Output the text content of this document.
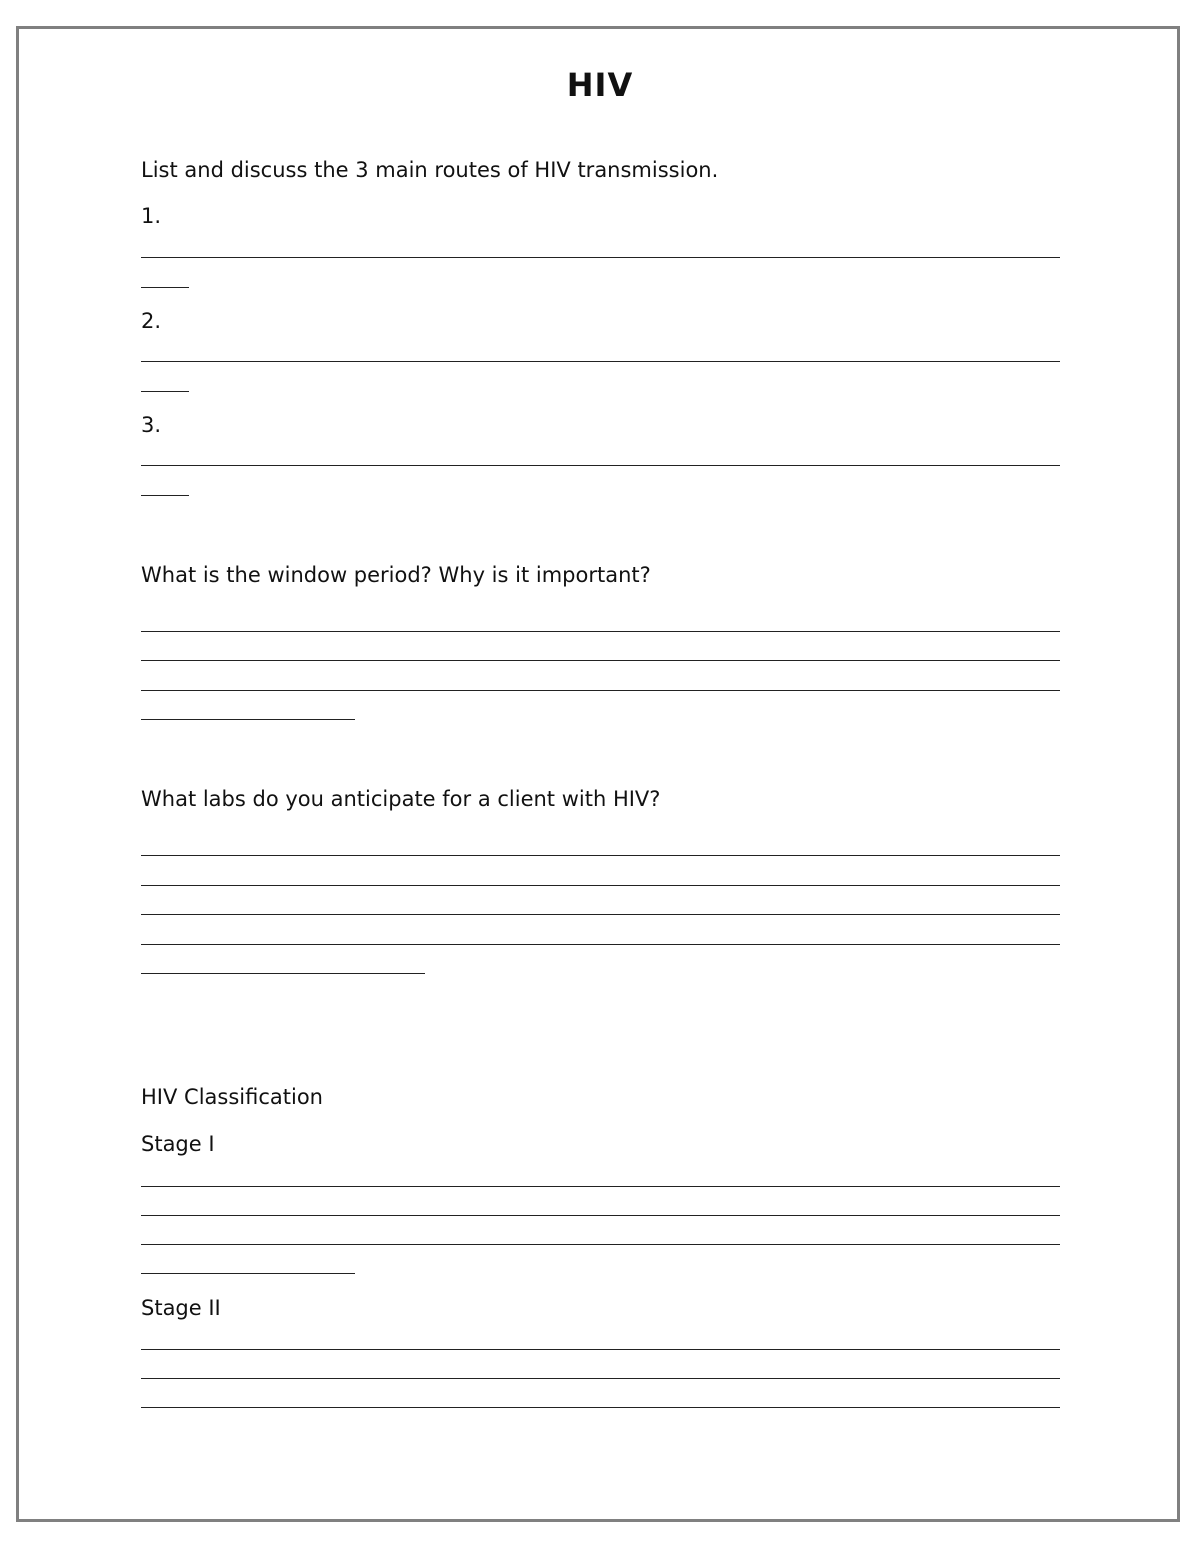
HIV
List and discuss the 3 main routes of HIV transmission.
1.
2.
3.
What is the window period? Why is it important?
What labs do you anticipate for a client with HIV?
HIV Classification
Stage I
Stage II
